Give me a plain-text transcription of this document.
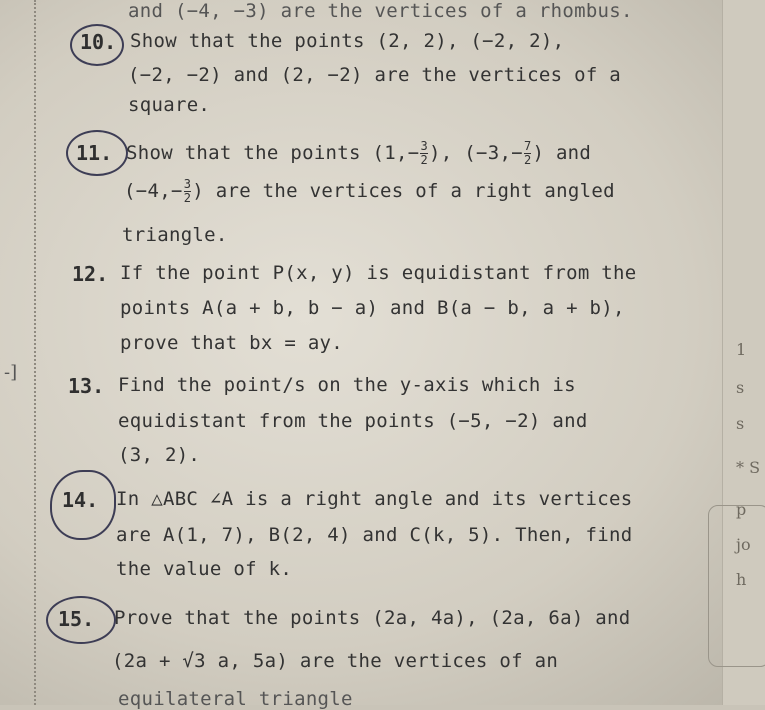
1
s
s
* S
p
jo
h
-]
and (−4, −3) are the vertices of a rhombus.
10. Show that the points (2, 2), (−2, 2),
(−2, −2) and (2, −2) are the vertices of a
square.
11. Show that the points ($1,- \frac{3}{2}$ ), ($-3,- \frac{7}{2}$ ) and
($-4,- \frac{3}{2}$ ) are the vertices of a right angled
triangle.
12. If the point P(x, y) is equidistant from the
points A(a + b, b − a) and B(a − b, a + b),
prove that bx = ay.
13. Find the point/s on the y-axis which is
equidistant from the points (−5, −2) and
(3, 2).
14. In △ABC ∠A is a right angle and its vertices
are A(1, 7), B(2, 4) and C(k, 5). Then, find
the value of k.
15. Prove that the points (2a, 4a), (2a, 6a) and
(2a + √3 a, 5a) are the vertices of an
equilateral triangle
